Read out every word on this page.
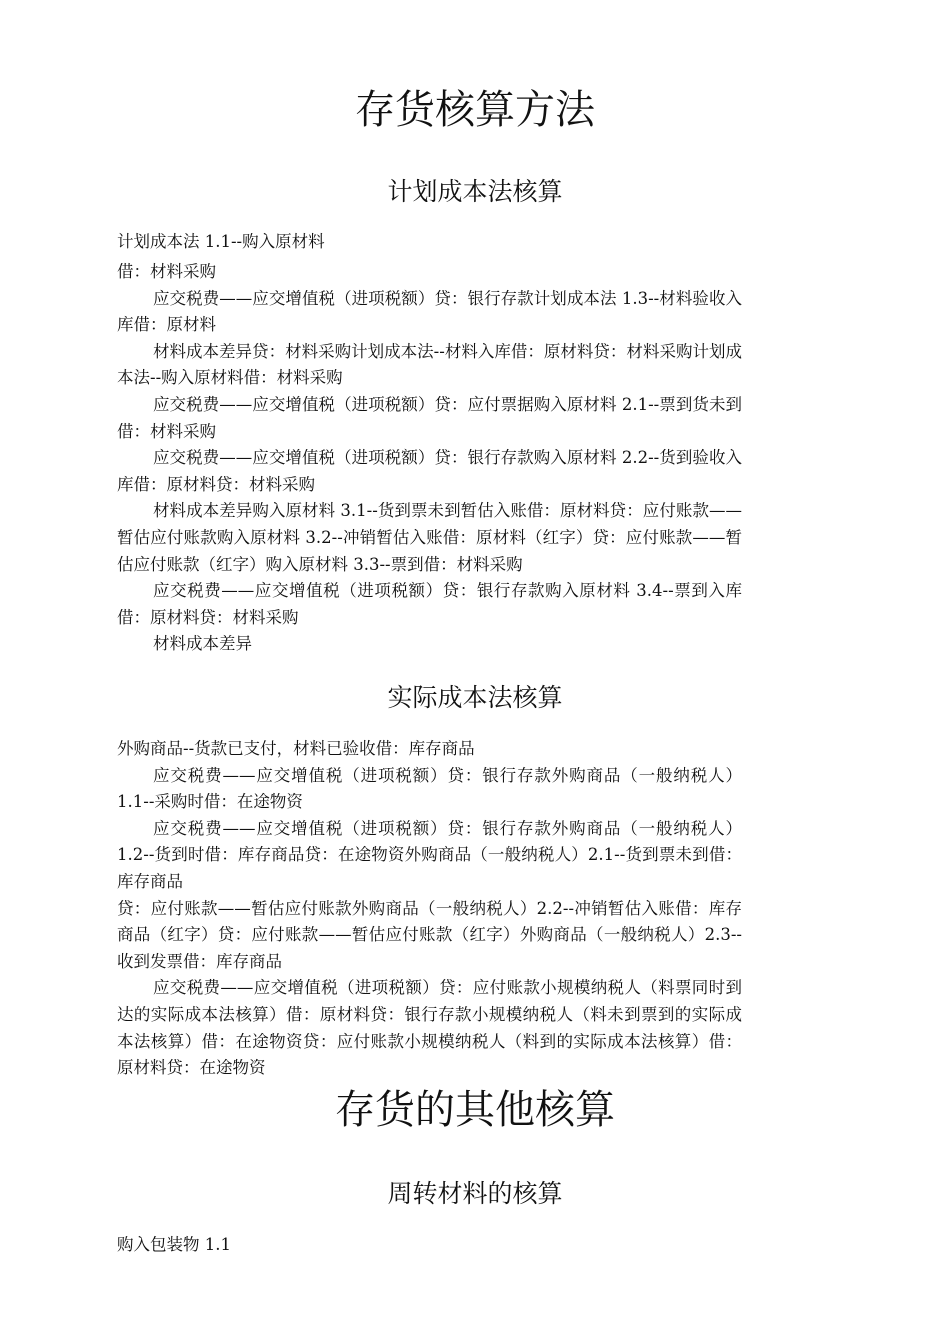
存货核算方法
计划成本法核算

计划成本法 1.1--购入原材料

借：材料采购

应交税费——应交增值税（进项税额）贷：银行存款计划成本法 1.3--材料验收入库借：原材料

材料成本差异贷：材料采购计划成本法--材料入库借：原材料贷：材料采购计划成本法--购入原材料借：材料采购

应交税费——应交增值税（进项税额）贷：应付票据购入原材料 2.1--票到货未到借：材料采购

应交税费——应交增值税（进项税额）贷：银行存款购入原材料 2.2--货到验收入库借：原材料贷：材料采购

材料成本差异购入原材料 3.1--货到票未到暂估入账借：原材料贷：应付账款——暂估应付账款购入原材料 3.2--冲销暂估入账借：原材料（红字）贷：应付账款——暂估应付账款（红字）购入原材料 3.3--票到借：材料采购

应交税费——应交增值税（进项税额）贷：银行存款购入原材料 3.4--票到入库借：原材料贷：材料采购

材料成本差异

实际成本法核算

外购商品--货款已支付，材料已验收借：库存商品

应交税费——应交增值税（进项税额）贷：银行存款外购商品（一般纳税人）1.1--采购时借：在途物资

应交税费——应交增值税（进项税额）贷：银行存款外购商品（一般纳税人）1.2--货到时借：库存商品贷：在途物资外购商品（一般纳税人）2.1--货到票未到借：库存商品

贷：应付账款——暂估应付账款外购商品（一般纳税人）2.2--冲销暂估入账借：库存商品（红字）贷：应付账款——暂估应付账款（红字）外购商品（一般纳税人）2.3--收到发票借：库存商品

应交税费——应交增值税（进项税额）贷：应付账款小规模纳税人（料票同时到达的实际成本法核算）借：原材料贷：银行存款小规模纳税人（料未到票到的实际成本法核算）借：在途物资贷：应付账款小规模纳税人（料到的实际成本法核算）借：原材料贷：在途物资

存货的其他核算
周转材料的核算

购入包装物 1.1
